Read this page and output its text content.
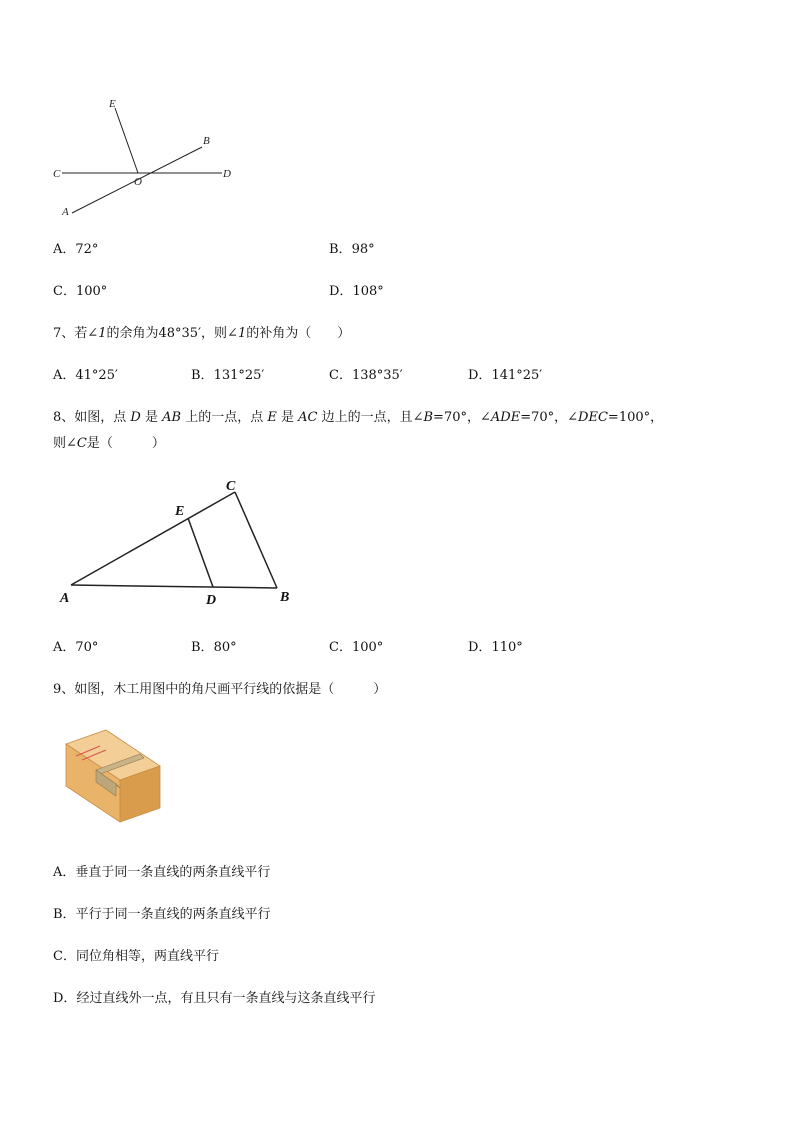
E
B
C
O
D
A
A．72°	B．98°
C．100°	D．108°
7、若∠1的余角为48°35′，则∠1的补角为（　　）
A．41°25′	B．131°25′	C．138°35′	D．141°25′
8、如图，点 D 是 AB 上的一点，点 E 是 AC 边上的一点，且∠B=70°，∠ADE=70°，∠DEC=100°，
则∠C是（　　　）
C
E
A	D	B
A．70°	B．80°	C．100°	D．110°
9、如图，木工用图中的角尺画平行线的依据是（　　　）
A．垂直于同一条直线的两条直线平行
B．平行于同一条直线的两条直线平行
C．同位角相等，两直线平行
D．经过直线外一点，有且只有一条直线与这条直线平行
